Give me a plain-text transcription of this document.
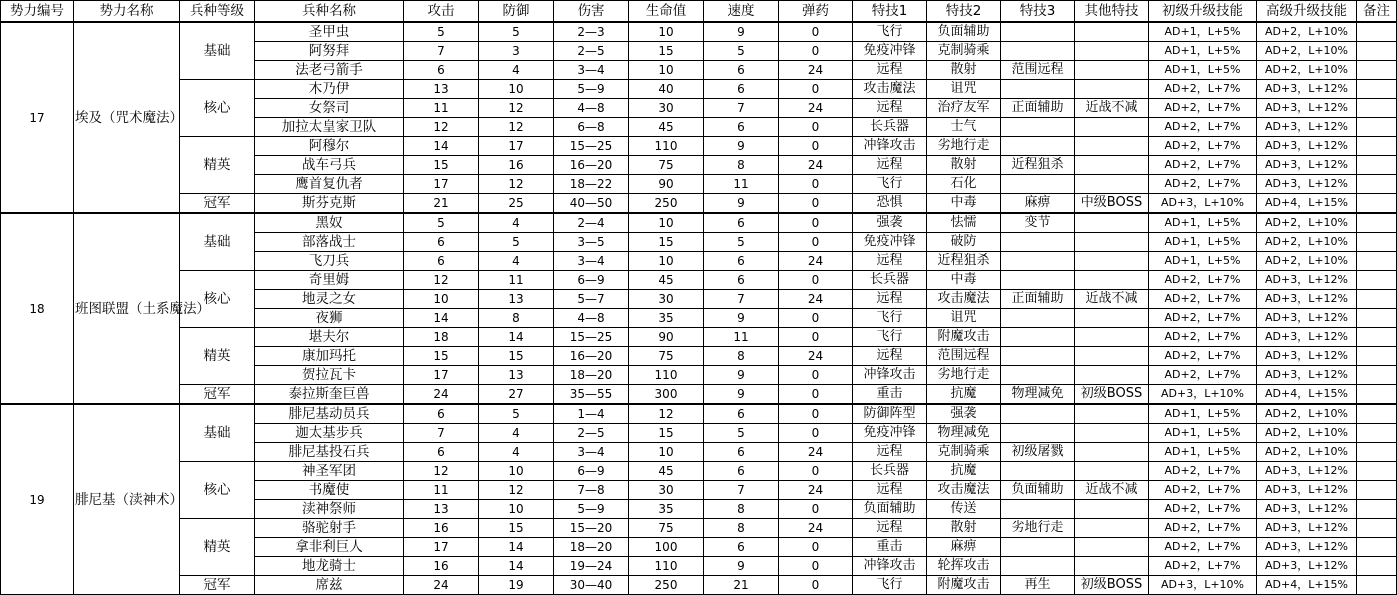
势力编号	势力名称	兵种等级	兵种名称	攻击	防御	伤害	生命值	速度	弹药	特技1	特技2	特技3	其他特技	初级升级技能	高级升级技能	备注
17	埃及（咒术魔法）	基础	圣甲虫	5	5	2—3	10	9	0	飞行	负面辅助			AD+1，L+5%	AD+2，L+10%	
			阿努拜	7	3	2—5	15	5	0	免疫冲锋	克制骑乘			AD+1，L+5%	AD+2，L+10%	
			法老弓箭手	6	4	3—4	10	6	24	远程	散射	范围远程		AD+1，L+5%	AD+2，L+10%	
		核心	木乃伊	13	10	5—9	40	6	0	攻击魔法	诅咒			AD+2，L+7%	AD+3，L+12%	
			女祭司	11	12	4—8	30	7	24	远程	治疗友军	正面辅助	近战不减	AD+2，L+7%	AD+3，L+12%	
			加拉太皇家卫队	12	12	6—8	45	6	0	长兵器	士气			AD+2，L+7%	AD+3，L+12%	
		精英	阿穆尔	14	17	15—25	110	9	0	冲锋攻击	劣地行走			AD+2，L+7%	AD+3，L+12%	
			战车弓兵	15	16	16—20	75	8	24	远程	散射	近程狙杀		AD+2，L+7%	AD+3，L+12%	
			鹰首复仇者	17	12	18—22	90	11	0	飞行	石化			AD+2，L+7%	AD+3，L+12%	
		冠军	斯芬克斯	21	25	40—50	250	9	0	恐惧	中毒	麻痹	中级BOSS	AD+3，L+10%	AD+4，L+15%	
18	班图联盟（土系魔法）	基础	黑奴	5	4	2—4	10	6	0	强袭	怯懦	变节		AD+1，L+5%	AD+2，L+10%	
			部落战士	6	5	3—5	15	5	0	免疫冲锋	破防			AD+1，L+5%	AD+2，L+10%	
			飞刀兵	6	4	3—4	10	6	24	远程	近程狙杀			AD+1，L+5%	AD+2，L+10%	
		核心	奇里姆	12	11	6—9	45	6	0	长兵器	中毒			AD+2，L+7%	AD+3，L+12%	
			地灵之女	10	13	5—7	30	7	24	远程	攻击魔法	正面辅助	近战不减	AD+2，L+7%	AD+3，L+12%	
			夜狮	14	8	4—8	35	9	0	飞行	诅咒			AD+2，L+7%	AD+3，L+12%	
		精英	堪夫尔	18	14	15—25	90	11	0	飞行	附魔攻击			AD+2，L+7%	AD+3，L+12%	
			康加玛托	15	15	16—20	75	8	24	远程	范围远程			AD+2，L+7%	AD+3，L+12%	
			贺拉瓦卡	17	13	18—20	110	9	0	冲锋攻击	劣地行走			AD+2，L+7%	AD+3，L+12%	
		冠军	泰拉斯奎巨兽	24	27	35—55	300	9	0	重击	抗魔	物理减免	初级BOSS	AD+3，L+10%	AD+4，L+15%	
19	腓尼基（渎神术）	基础	腓尼基动员兵	6	5	1—4	12	6	0	防御阵型	强袭			AD+1，L+5%	AD+2，L+10%	
			迦太基步兵	7	4	2—5	15	5	0	免疫冲锋	物理减免			AD+1，L+5%	AD+2，L+10%	
			腓尼基投石兵	6	4	3—4	10	6	24	远程	克制骑乘	初级屠戮		AD+1，L+5%	AD+2，L+10%	
		核心	神圣军团	12	10	6—9	45	6	0	长兵器	抗魔			AD+2，L+7%	AD+3，L+12%	
			书魔使	11	12	7—8	30	7	24	远程	攻击魔法	负面辅助	近战不减	AD+2，L+7%	AD+3，L+12%	
			渎神祭师	13	10	5—9	35	8	0	负面辅助	传送			AD+2，L+7%	AD+3，L+12%	
		精英	骆驼射手	16	15	15—20	75	8	24	远程	散射	劣地行走		AD+2，L+7%	AD+3，L+12%	
			拿非利巨人	17	14	18—20	100	6	0	重击	麻痹			AD+2，L+7%	AD+3，L+12%	
			地龙骑士	16	14	19—24	110	9	0	冲锋攻击	轮挥攻击			AD+2，L+7%	AD+3，L+12%	
		冠军	席兹	24	19	30—40	250	21	0	飞行	附魔攻击	再生	初级BOSS	AD+3，L+10%	AD+4，L+15%	
